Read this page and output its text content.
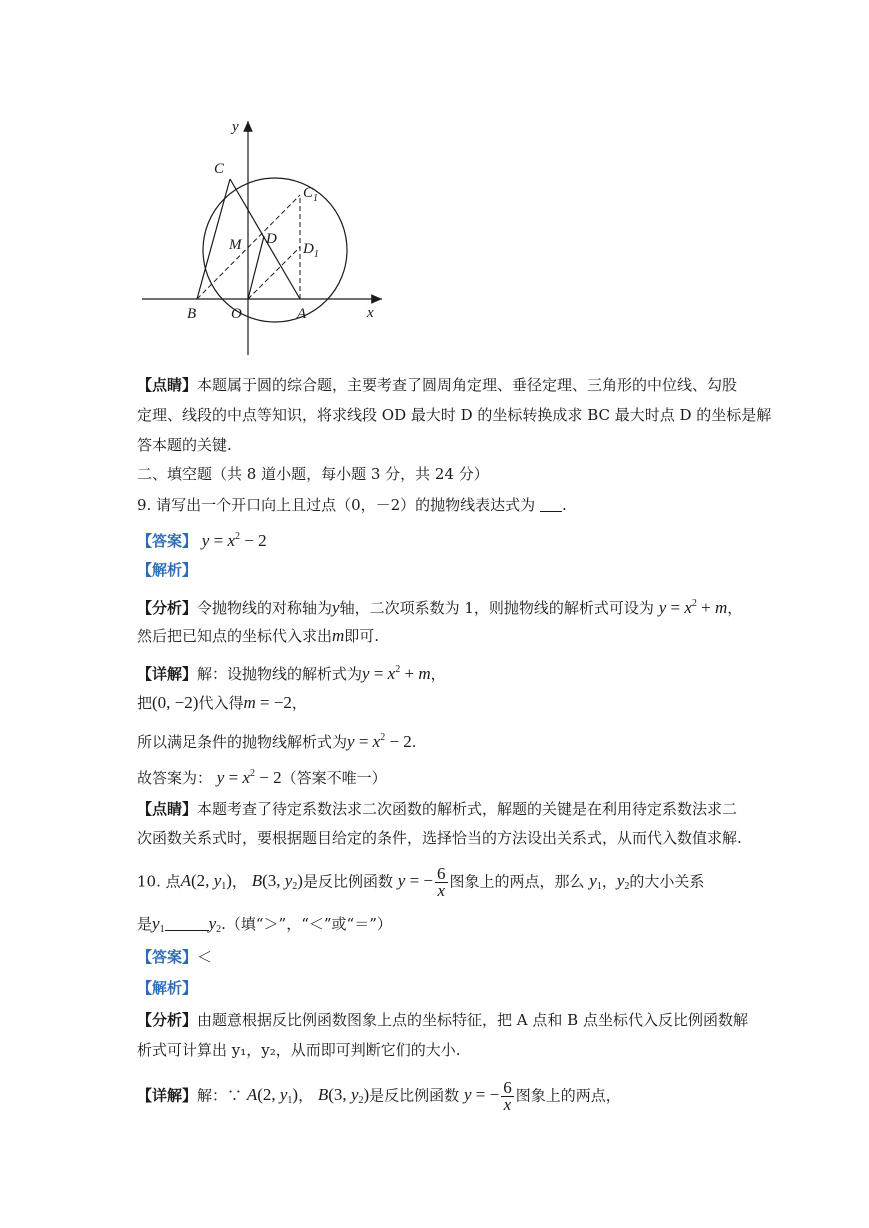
y
x
C
$C_1$
M D
$D_1$
B O	A
【点睛】本题属于圆的综合题，主要考查了圆周角定理、垂径定理、三角形的中位线、勾股
定理、线段的中点等知识，将求线段 OD 最大时 D 的坐标转换成求 BC 最大时点 D 的坐标是解
答本题的关键.
二、填空题（共 8 道小题，每小题 3 分，共 24 分）
9. 请写出一个开口向上且过点（0，－2）的抛物线表达式为 .
【答案】 $y = x^2 - 2$
【解析】
【分析】令抛物线的对称轴为y轴，二次项系数为 1，则抛物线的解析式可设为 $y = x^2 + m$，
然后把已知点的坐标代入求出m即可.
【详解】解：设抛物线的解析式为$y = x^2 + m$，
把(0, −2)代入得m = −2，
所以满足条件的抛物线解析式为$y = x^2 - 2$.
故答案为： $y = x^2 - 2$（答案不唯一）
【点睛】本题考查了待定系数法求二次函数的解析式，解题的关键是在利用待定系数法求二
次函数关系式时，要根据题目给定的条件，选择恰当的方法设出关系式，从而代入数值求解.
10. 点A(2, $y_1$)， B(3, $y_2$)是反比例函数 y = − $\frac{6}{x}$ 图象上的两点，那么 $y_1$，$y_2$的大小关系
是$y_1$	$y_2$.（填“＞”，“＜”或“＝”）
【答案】＜
【解析】
【分析】由题意根据反比例函数图象上点的坐标特征，把 A 点和 B 点坐标代入反比例函数解
析式可计算出 y₁，y₂，从而即可判断它们的大小.
【详解】解：∵ A(2, $y_1$)， B(3, $y_2$)是反比例函数 y = − $\frac{6}{x}$ 图象上的两点，
